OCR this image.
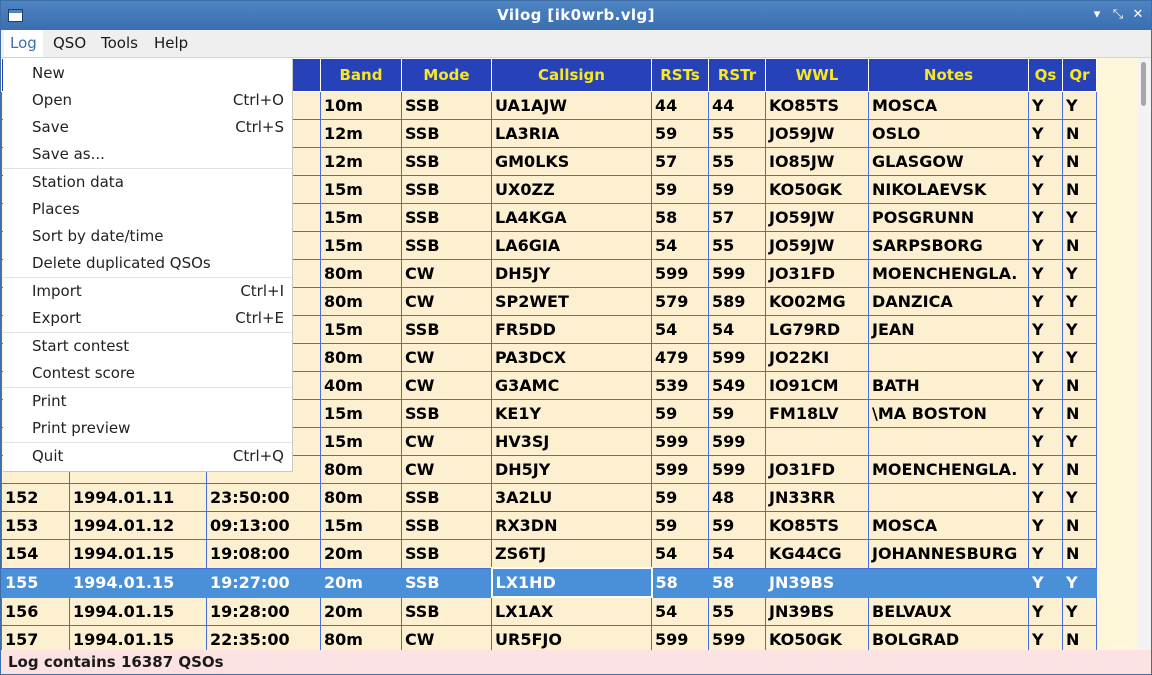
Vilog [ik0wrb.vlg]	▾ ⤡ ✕
Log	QSO Tools	Help
			Band	Mode	Callsign	RSTs	RSTr	WWL	Notes	Qs	Qr
			10m	SSB	UA1AJW	44	44	KO85TS	MOSCA	Y	Y
			12m	SSB	LA3RIA	59	55	JO59JW	OSLO	Y	N
			12m	SSB	GM0LKS	57	55	IO85JW	GLASGOW	Y	N
			15m	SSB	UX0ZZ	59	59	KO50GK	NIKOLAEVSK	Y	N
			15m	SSB	LA4KGA	58	57	JO59JW	POSGRUNN	Y	Y
			15m	SSB	LA6GIA	54	55	JO59JW	SARPSBORG	Y	N
			80m	CW	DH5JY	599	599	JO31FD	MOENCHENGLA.	Y	Y
			80m	CW	SP2WET	579	589	KO02MG	DANZICA	Y	Y
			15m	SSB	FR5DD	54	54	LG79RD	JEAN	Y	Y
			80m	CW	PA3DCX	479	599	JO22KI		Y	Y
			40m	CW	G3AMC	539	549	IO91CM	BATH	Y	N
			15m	SSB	KE1Y	59	59	FM18LV	\MA BOSTON	Y	N
			15m	CW	HV3SJ	599	599			Y	Y
			80m	CW	DH5JY	599	599	JO31FD	MOENCHENGLA.	Y	N
152	1994.01.11	23:50:00	80m	SSB	3A2LU	59	48	JN33RR		Y	Y
153	1994.01.12	09:13:00	15m	SSB	RX3DN	59	59	KO85TS	MOSCA	Y	N
154	1994.01.15	19:08:00	20m	SSB	ZS6TJ	54	54	KG44CG	JOHANNESBURG	Y	N
155	1994.01.15	19:27:00	20m	SSB	LX1HD	58	58	JN39BS		Y	Y
156	1994.01.15	19:28:00	20m	SSB	LX1AX	54	55	JN39BS	BELVAUX	Y	Y
157	1994.01.15	22:35:00	80m	CW	UR5FJO	599	599	KO50GK	BOLGRAD	Y	N

New
Open	Ctrl+O
Save	Ctrl+S
Save as...
Station data
Places
Sort by date/time
Delete duplicated QSOs
Import	Ctrl+I
Export	Ctrl+E
Start contest
Contest score
Print
Print preview
Quit	Ctrl+Q
Log contains 16387 QSOs
